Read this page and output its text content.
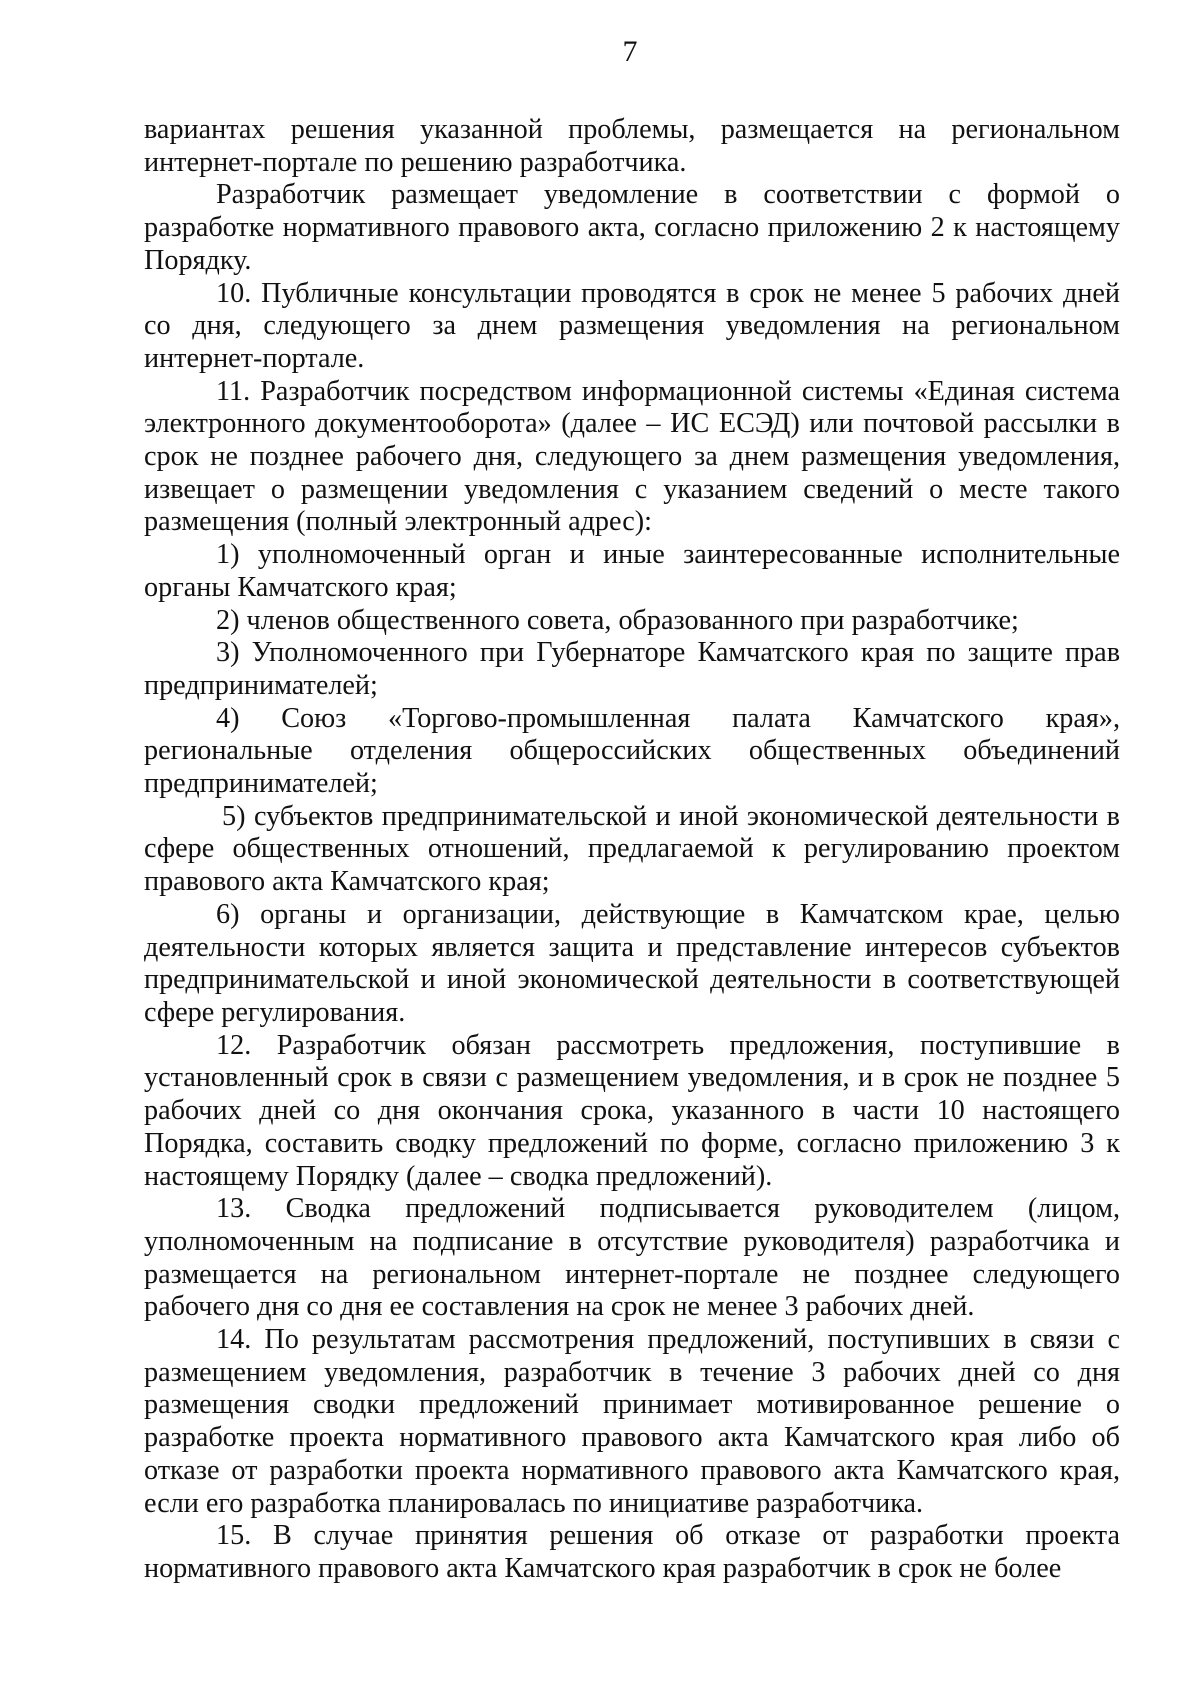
7

вариантах решения указанной проблемы, размещается на региональном интернет-портале по решению разработчика.

Разработчик размещает уведомление в соответствии с формой о разработке нормативного правового акта, согласно приложению 2 к настоящему Порядку.

10. Публичные консультации проводятся в срок не менее 5 рабочих дней со дня, следующего за днем размещения уведомления на региональном интернет-портале.

11. Разработчик посредством информационной системы «Единая система электронного документооборота» (далее – ИС ЕСЭД) или почтовой рассылки в срок не позднее рабочего дня, следующего за днем размещения уведомления, извещает о размещении уведомления с указанием сведений о месте такого размещения (полный электронный адрес):

1) уполномоченный орган и иные заинтересованные исполнительные органы Камчатского края;

2) членов общественного совета, образованного при разработчике;

3) Уполномоченного при Губернаторе Камчатского края по защите прав предпринимателей;

4) Союз «Торгово-промышленная палата Камчатского края», региональные отделения общероссийских общественных объединений предпринимателей;

5) субъектов предпринимательской и иной экономической деятельности в сфере общественных отношений, предлагаемой к регулированию проектом правового акта Камчатского края;

6) органы и организации, действующие в Камчатском крае, целью деятельности которых является защита и представление интересов субъектов предпринимательской и иной экономической деятельности в соответствующей сфере регулирования.

12. Разработчик обязан рассмотреть предложения, поступившие в установленный срок в связи с размещением уведомления, и в срок не позднее 5 рабочих дней со дня окончания срока, указанного в части 10 настоящего Порядка, составить сводку предложений по форме, согласно приложению 3 к настоящему Порядку (далее – сводка предложений).

13. Сводка предложений подписывается руководителем (лицом, уполномоченным на подписание в отсутствие руководителя) разработчика и размещается на региональном интернет-портале не позднее следующего рабочего дня со дня ее составления на срок не менее 3 рабочих дней.

14. По результатам рассмотрения предложений, поступивших в связи с размещением уведомления, разработчик в течение 3 рабочих дней со дня размещения сводки предложений принимает мотивированное решение о разработке проекта нормативного правового акта Камчатского края либо об отказе от разработки проекта нормативного правового акта Камчатского края, если его разработка планировалась по инициативе разработчика.

15. В случае принятия решения об отказе от разработки проекта нормативного правового акта Камчатского края разработчик в срок не более
